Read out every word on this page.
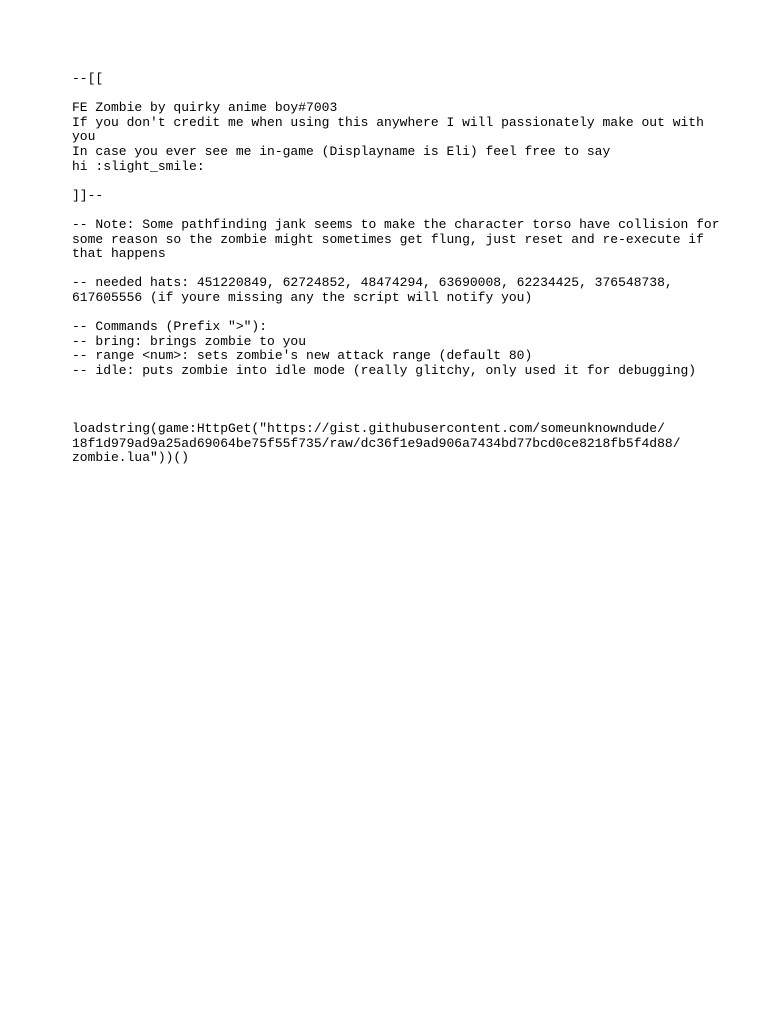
--[[
FE Zombie by quirky anime boy#7003
If you don't credit me when using this anywhere I will passionately make out with
you
In case you ever see me in-game (Displayname is Eli) feel free to say
hi :slight_smile:
]]--
-- Note: Some pathfinding jank seems to make the character torso have collision for
some reason so the zombie might sometimes get flung, just reset and re-execute if
that happens
-- needed hats: 451220849, 62724852, 48474294, 63690008, 62234425, 376548738,
617605556 (if youre missing any the script will notify you)
-- Commands (Prefix ">"):
-- bring: brings zombie to you
-- range <num>: sets zombie's new attack range (default 80)
-- idle: puts zombie into idle mode (really glitchy, only used it for debugging)
loadstring(game:HttpGet("https://gist.githubusercontent.com/someunknowndude/
18f1d979ad9a25ad69064be75f55f735/raw/dc36f1e9ad906a7434bd77bcd0ce8218fb5f4d88/
zombie.lua"))()
